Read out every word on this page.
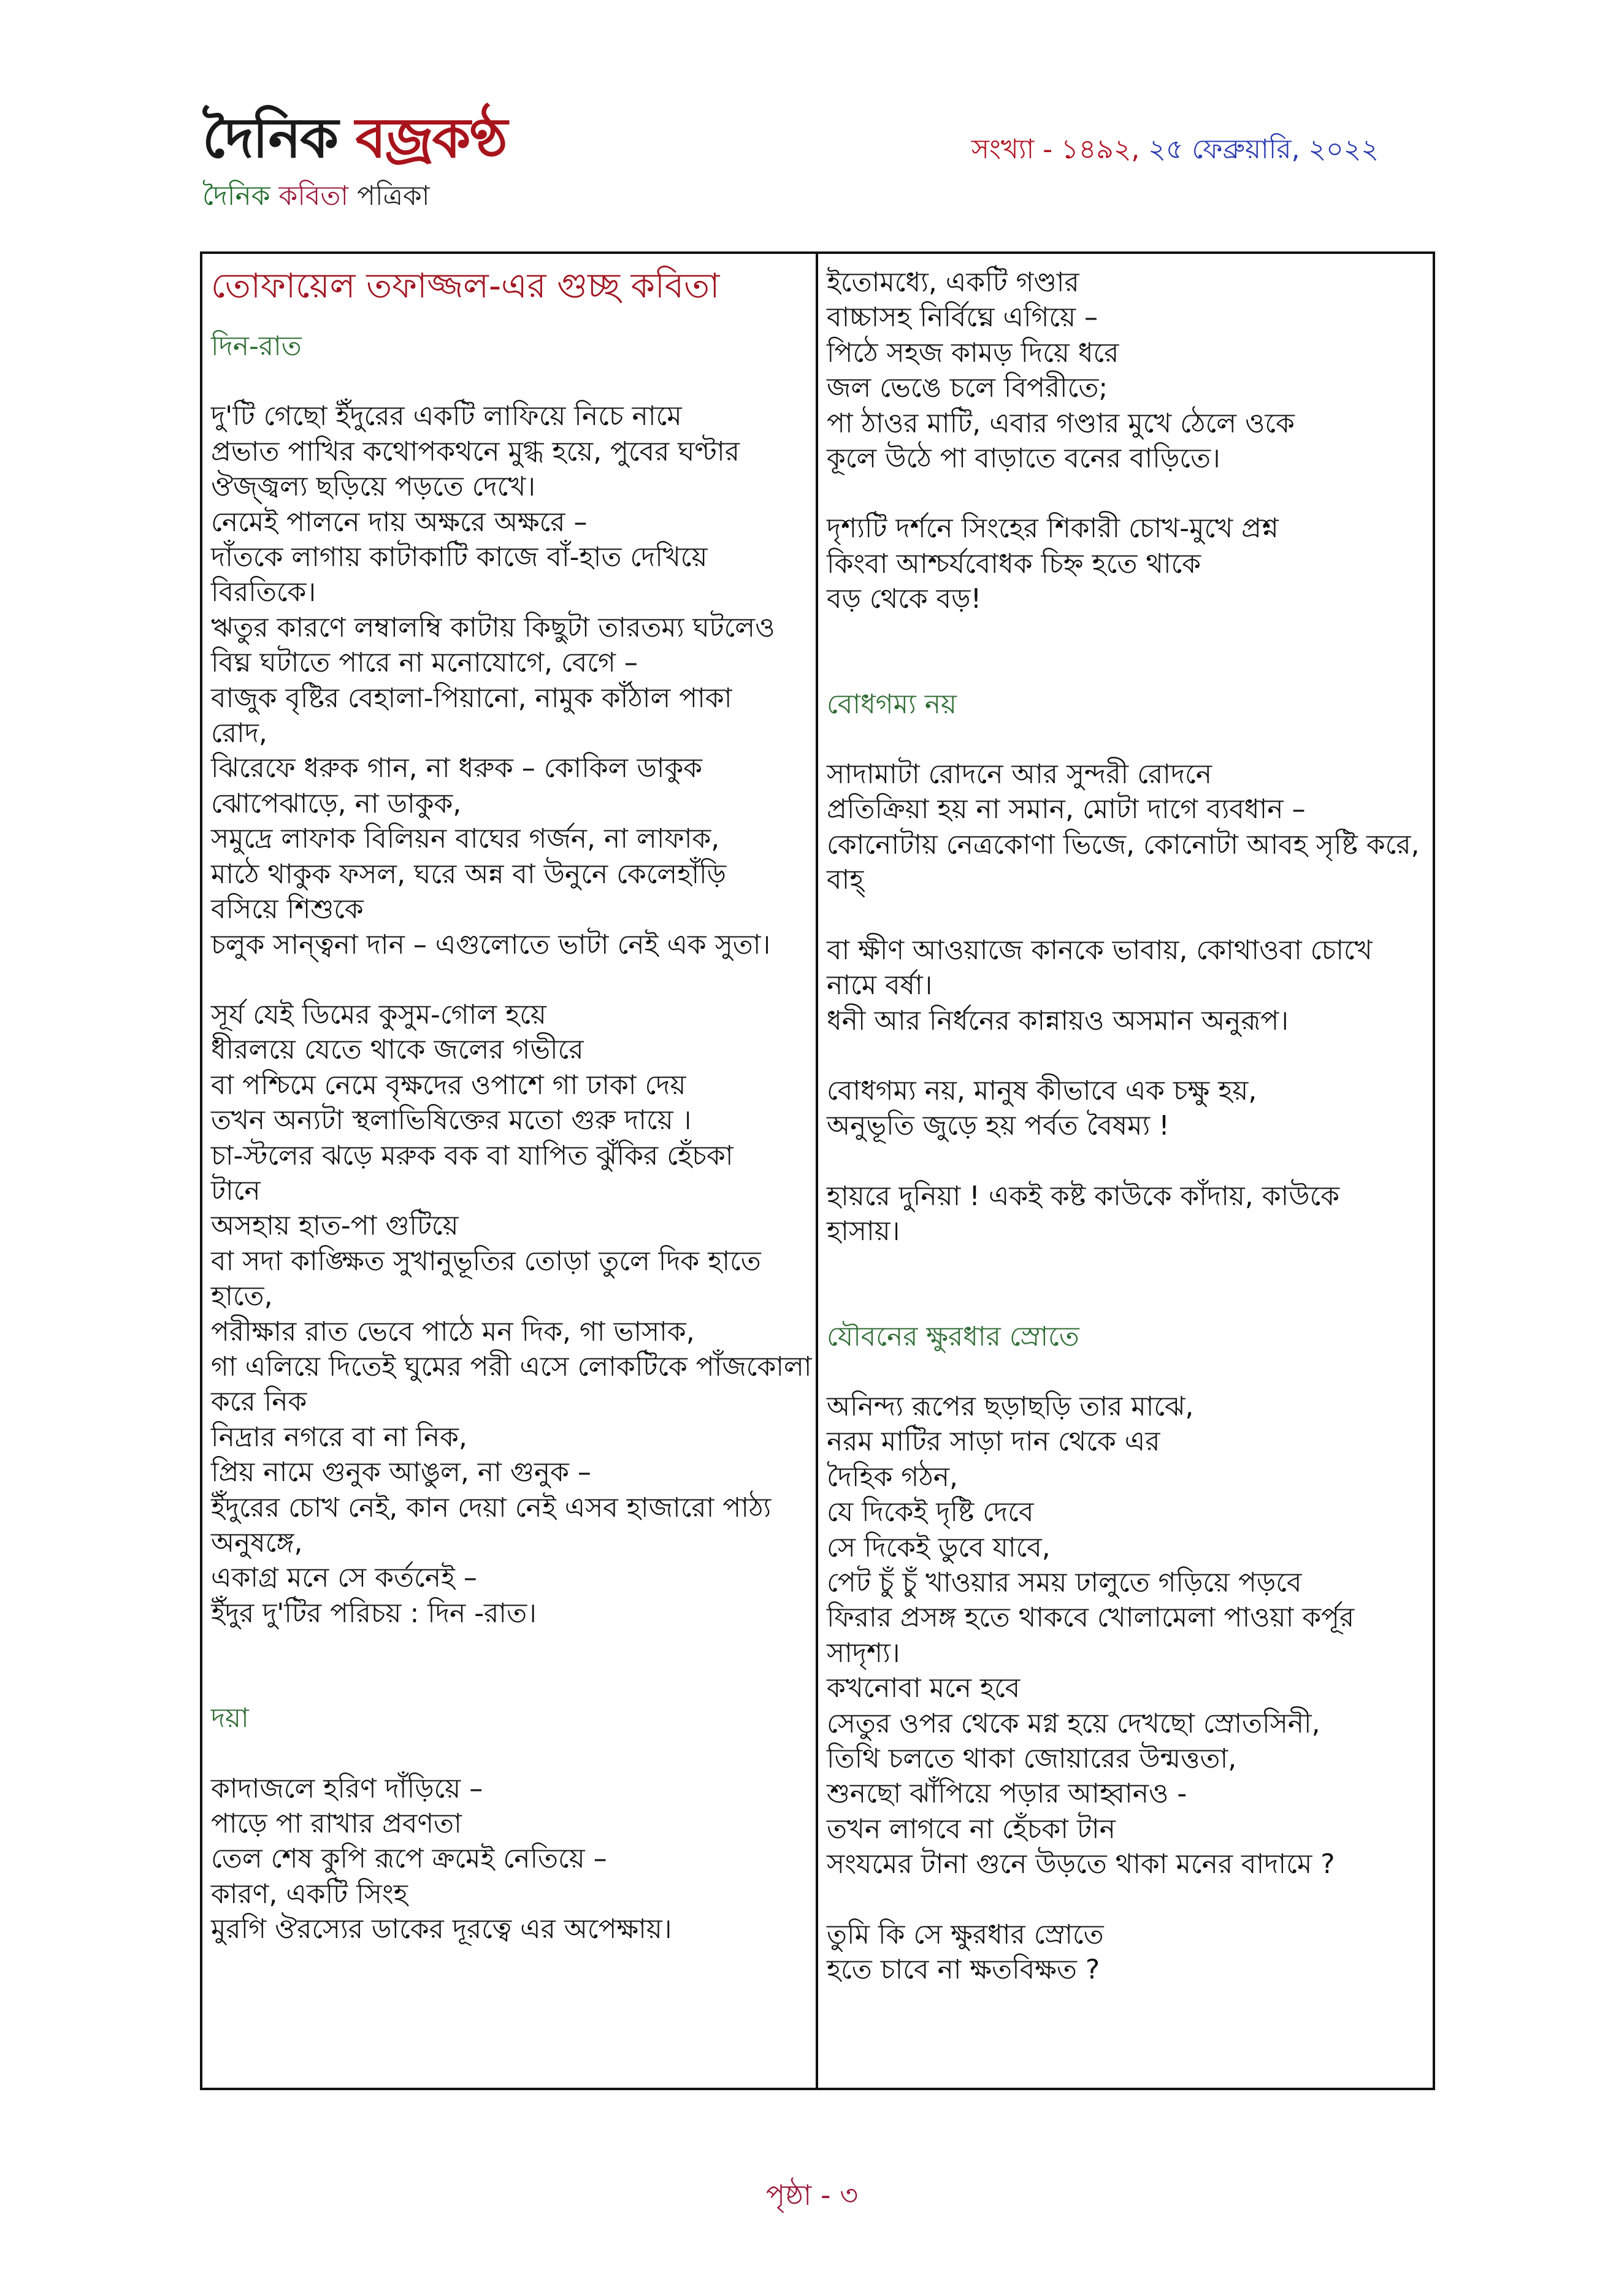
দৈনিক বজ্রকণ্ঠ
দৈনিক কবিতা পত্রিকা
সংখ্যা - ১৪৯২, ২৫ ফেব্রুয়ারি, ২০২২
তোফায়েল তফাজ্জল-এর গুচ্ছ কবিতা
দিন-রাত
দু'টি গেছো ইঁদুরের একটি লাফিয়ে নিচে নামে
প্রভাত পাখির কথোপকথনে মুগ্ধ হয়ে, পুবের ঘণ্টার
ঔজ্জ্বল্য ছড়িয়ে পড়তে দেখে।
নেমেই পালনে দায় অক্ষরে অক্ষরে –
দাঁতকে লাগায় কাটাকাটি কাজে বাঁ-হাত দেখিয়ে
বিরতিকে।
ঋতুর কারণে লম্বালম্বি কাটায় কিছুটা তারতম্য ঘটলেও
বিঘ্ন ঘটাতে পারে না মনোযোগে, বেগে –
বাজুক বৃষ্টির বেহালা-পিয়ানো, নামুক কাঁঠাল পাকা
রোদ,
ঝিরেফে ধরুক গান, না ধরুক – কোকিল ডাকুক
ঝোপেঝাড়ে, না ডাকুক,
সমুদ্রে লাফাক বিলিয়ন বাঘের গর্জন, না লাফাক,
মাঠে থাকুক ফসল, ঘরে অন্ন বা উনুনে কেলেহাঁড়ি
বসিয়ে শিশুকে
চলুক সান্ত্বনা দান – এগুলোতে ভাটা নেই এক সুতা।
সূর্য যেই ডিমের কুসুম-গোল হয়ে
ধীরলয়ে যেতে থাকে জলের গভীরে
বা পশ্চিমে নেমে বৃক্ষদের ওপাশে গা ঢাকা দেয়
তখন অন্যটা স্থলাভিষিক্তের মতো গুরু দায়ে ।
চা-স্টলের ঝড়ে মরুক বক বা যাপিত ঝুঁকির হেঁচকা
টানে
অসহায় হাত-পা গুটিয়ে
বা সদা কাঙ্ক্ষিত সুখানুভূতির তোড়া তুলে দিক হাতে
হাতে,
পরীক্ষার রাত ভেবে পাঠে মন দিক, গা ভাসাক,
গা এলিয়ে দিতেই ঘুমের পরী এসে লোকটিকে পাঁজকোলা
করে নিক
নিদ্রার নগরে বা না নিক,
প্রিয় নামে গুনুক আঙুল, না গুনুক –
ইঁদুরের চোখ নেই, কান দেয়া নেই এসব হাজারো পাঠ্য
অনুষঙ্গে,
একাগ্র মনে সে কর্তনেই –
ইঁদুর দু'টির পরিচয় : দিন -রাত।
দয়া
কাদাজলে হরিণ দাঁড়িয়ে –
পাড়ে পা রাখার প্রবণতা
তেল শেষ কুপি রূপে ক্রমেই নেতিয়ে –
কারণ, একটি সিংহ
মুরগি ঔরস্যের ডাকের দূরত্বে এর অপেক্ষায়।
ইতোমধ্যে, একটি গণ্ডার
বাচ্চাসহ নির্বিঘ্নে এগিয়ে –
পিঠে সহজ কামড় দিয়ে ধরে
জল ভেঙে চলে বিপরীতে;
পা ঠাওর মাটি, এবার গণ্ডার মুখে ঠেলে ওকে
কূলে উঠে পা বাড়াতে বনের বাড়িতে।
দৃশ্যটি দর্শনে সিংহের শিকারী চোখ-মুখে প্রশ্ন
কিংবা আশ্চর্যবোধক চিহ্ন হতে থাকে
বড় থেকে বড়!
বোধগম্য নয়
সাদামাটা রোদনে আর সুন্দরী রোদনে
প্রতিক্রিয়া হয় না সমান, মোটা দাগে ব্যবধান –
কোনোটায় নেত্রকোণা ভিজে, কোনোটা আবহ সৃষ্টি করে,
বাহ্
বা ক্ষীণ আওয়াজে কানকে ভাবায়, কোথাওবা চোখে
নামে বর্ষা।
ধনী আর নির্ধনের কান্নায়ও অসমান অনুরূপ।
বোধগম্য নয়, মানুষ কীভাবে এক চক্ষু হয়,
অনুভূতি জুড়ে হয় পর্বত বৈষম্য !
হায়রে দুনিয়া ! একই কষ্ট কাউকে কাঁদায়, কাউকে
হাসায়।
যৌবনের ক্ষুরধার স্রোতে
অনিন্দ্য রূপের ছড়াছড়ি তার মাঝে,
নরম মাটির সাড়া দান থেকে এর
দৈহিক গঠন,
যে দিকেই দৃষ্টি দেবে
সে দিকেই ডুবে যাবে,
পেট চুঁ চুঁ খাওয়ার সময় ঢালুতে গড়িয়ে পড়বে
ফিরার প্রসঙ্গ হতে থাকবে খোলামেলা পাওয়া কর্পূর
সাদৃশ্য।
কখনোবা মনে হবে
সেতুর ওপর থেকে মগ্ন হয়ে দেখছো স্রোতসিনী,
তিথি চলতে থাকা জোয়ারের উন্মত্ততা,
শুনছো ঝাঁপিয়ে পড়ার আহ্বানও -
তখন লাগবে না হেঁচকা টান
সংযমের টানা গুনে উড়তে থাকা মনের বাদামে ?
তুমি কি সে ক্ষুরধার স্রোতে
হতে চাবে না ক্ষতবিক্ষত ?
পৃষ্ঠা - ৩
